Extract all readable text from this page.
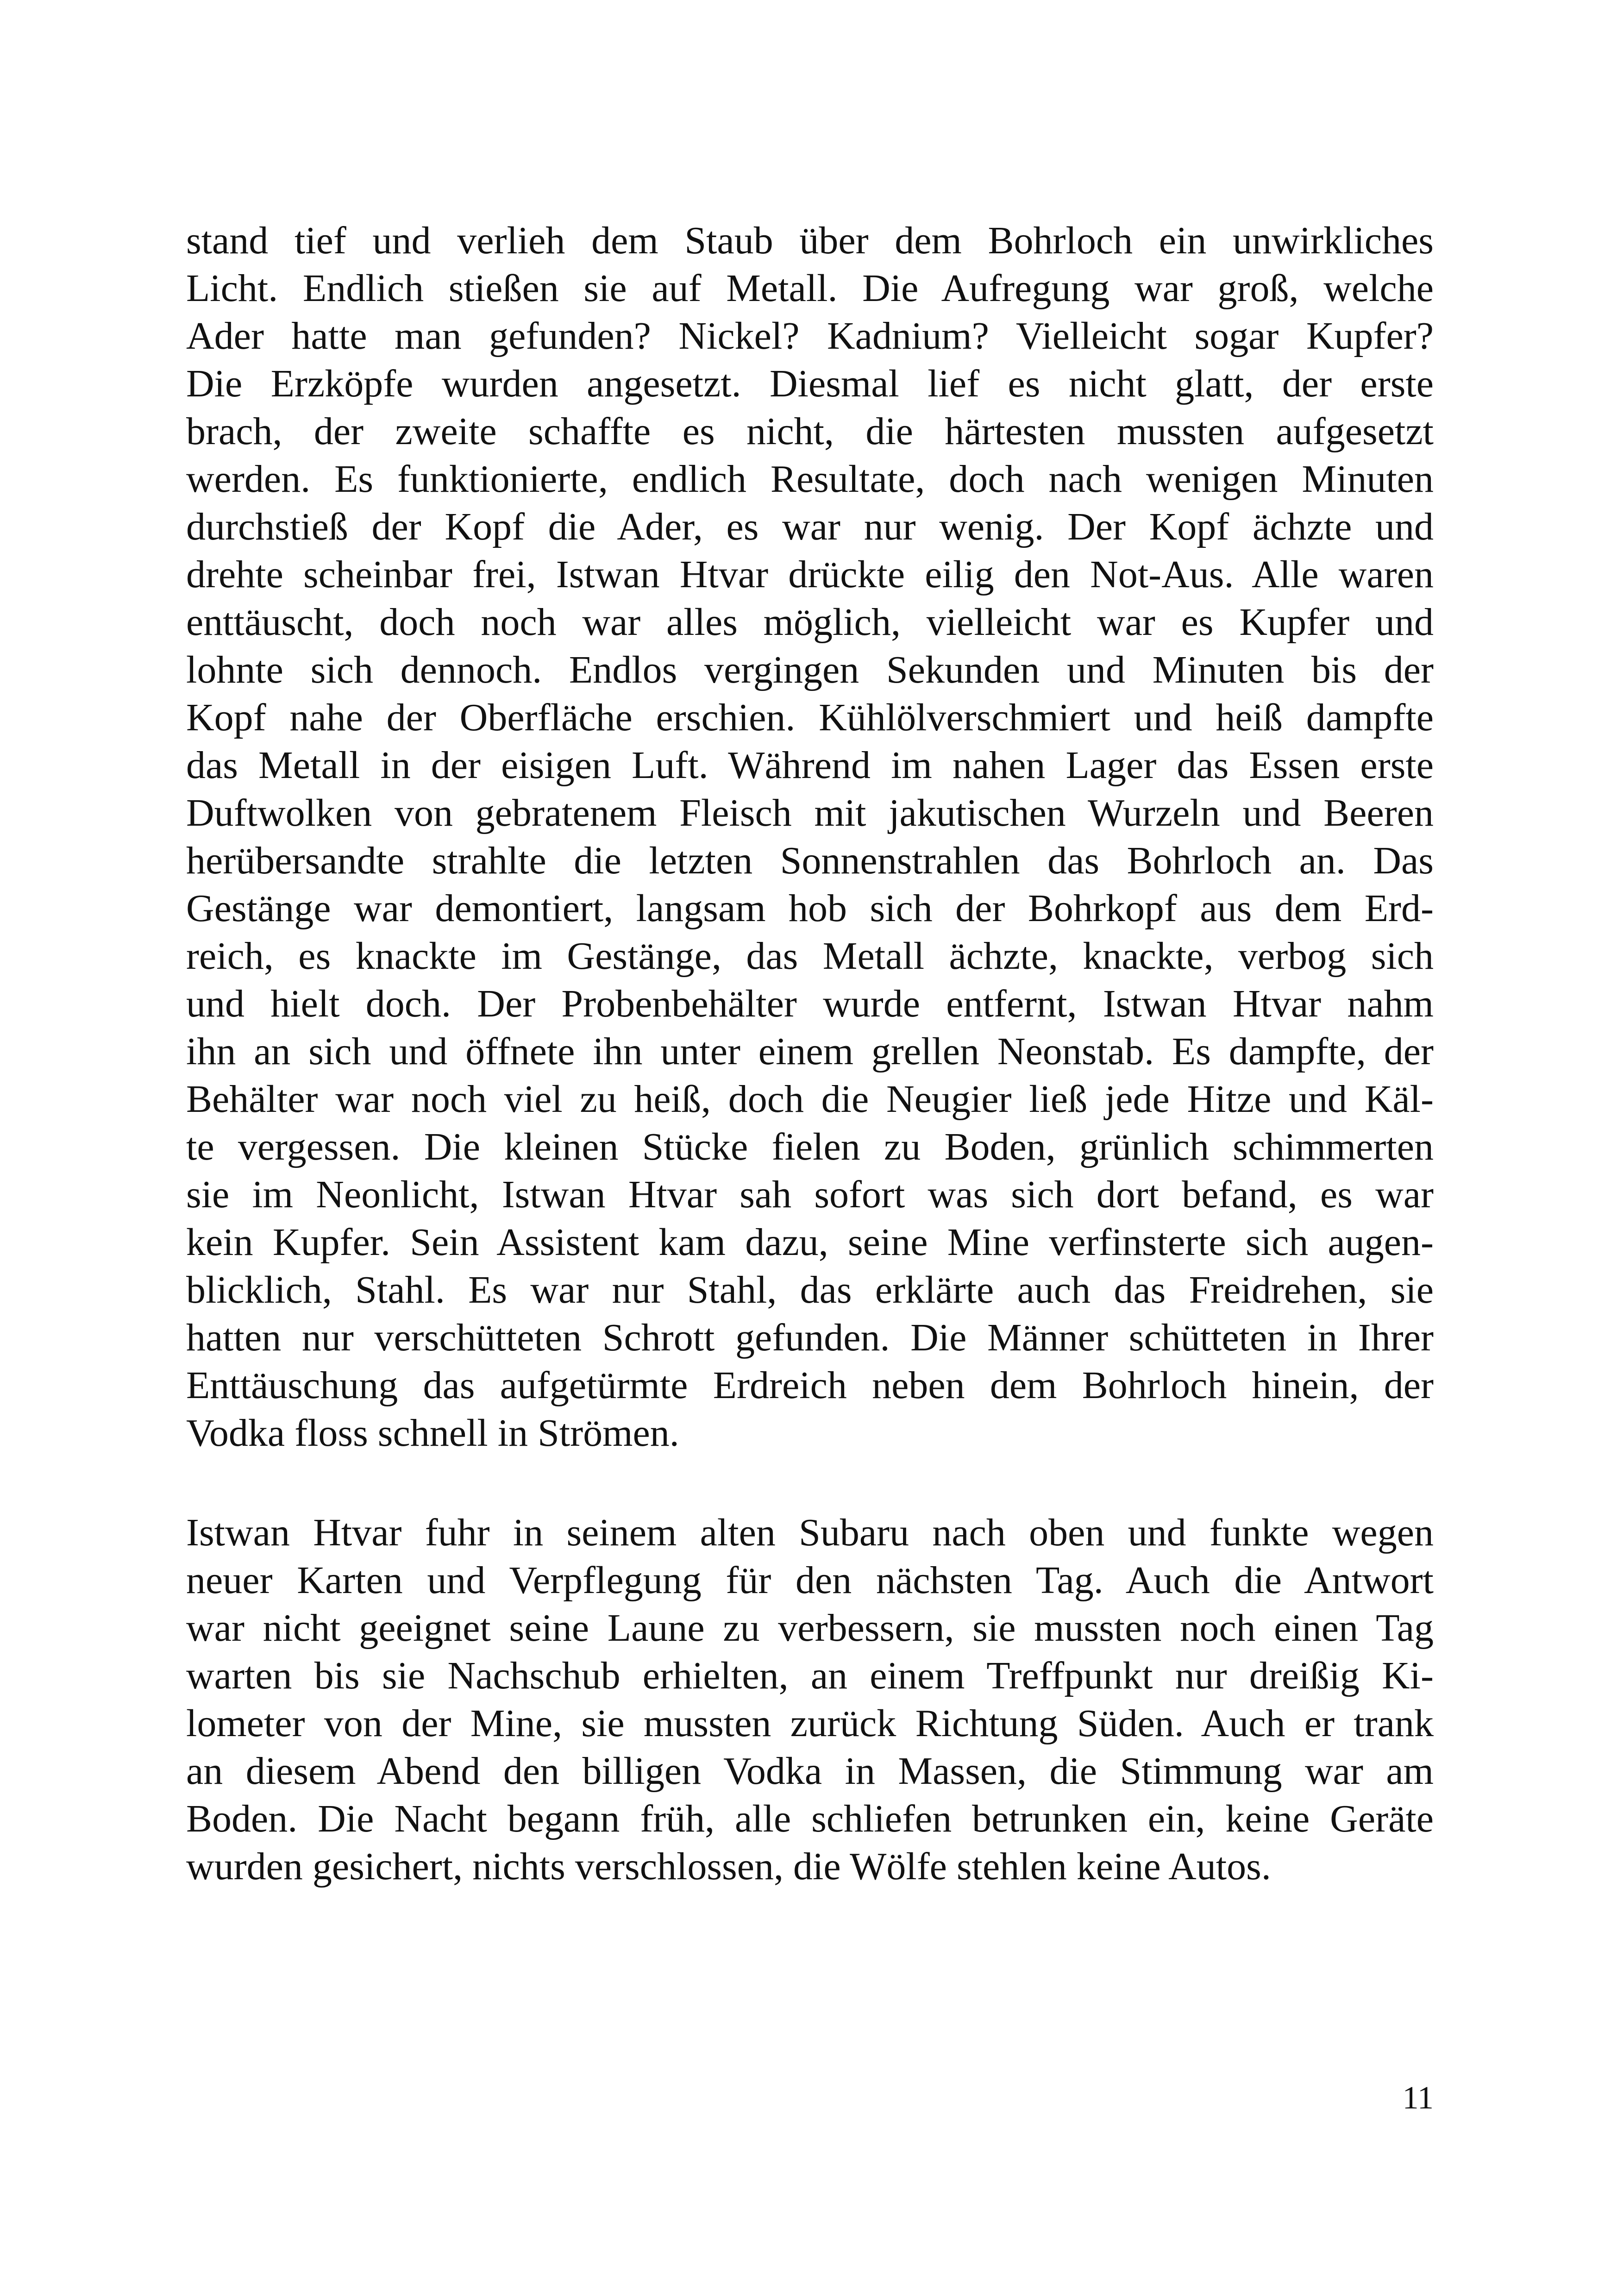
stand tief und verlieh dem Staub über dem Bohrloch ein unwirkliches
Licht. Endlich stießen sie auf Metall. Die Aufregung war groß, welche
Ader hatte man gefunden? Nickel? Kadnium? Vielleicht sogar Kupfer?
Die Erzköpfe wurden angesetzt. Diesmal lief es nicht glatt, der erste
brach, der zweite schaffte es nicht, die härtesten mussten aufgesetzt
werden. Es funktionierte, endlich Resultate, doch nach wenigen Minuten
durchstieß der Kopf die Ader, es war nur wenig. Der Kopf ächzte und
drehte scheinbar frei, Istwan Htvar drückte eilig den Not-Aus. Alle waren
enttäuscht, doch noch war alles möglich, vielleicht war es Kupfer und
lohnte sich dennoch. Endlos vergingen Sekunden und Minuten bis der
Kopf nahe der Oberfläche erschien. Kühlölverschmiert und heiß dampfte
das Metall in der eisigen Luft. Während im nahen Lager das Essen erste
Duftwolken von gebratenem Fleisch mit jakutischen Wurzeln und Beeren
herübersandte strahlte die letzten Sonnenstrahlen das Bohrloch an. Das
Gestänge war demontiert, langsam hob sich der Bohrkopf aus dem Erd-
reich, es knackte im Gestänge, das Metall ächzte, knackte, verbog sich
und hielt doch. Der Probenbehälter wurde entfernt, Istwan Htvar nahm
ihn an sich und öffnete ihn unter einem grellen Neonstab. Es dampfte, der
Behälter war noch viel zu heiß, doch die Neugier ließ jede Hitze und Käl-
te vergessen. Die kleinen Stücke fielen zu Boden, grünlich schimmerten
sie im Neonlicht, Istwan Htvar sah sofort was sich dort befand, es war
kein Kupfer. Sein Assistent kam dazu, seine Mine verfinsterte sich augen-
blicklich, Stahl. Es war nur Stahl, das erklärte auch das Freidrehen, sie
hatten nur verschütteten Schrott gefunden. Die Männer schütteten in Ihrer
Enttäuschung das aufgetürmte Erdreich neben dem Bohrloch hinein, der
Vodka floss schnell in Strömen.
Istwan Htvar fuhr in seinem alten Subaru nach oben und funkte wegen
neuer Karten und Verpflegung für den nächsten Tag. Auch die Antwort
war nicht geeignet seine Laune zu verbessern, sie mussten noch einen Tag
warten bis sie Nachschub erhielten, an einem Treffpunkt nur dreißig Ki-
lometer von der Mine, sie mussten zurück Richtung Süden. Auch er trank
an diesem Abend den billigen Vodka in Massen, die Stimmung war am
Boden. Die Nacht begann früh, alle schliefen betrunken ein, keine Geräte
wurden gesichert, nichts verschlossen, die Wölfe stehlen keine Autos.
11
